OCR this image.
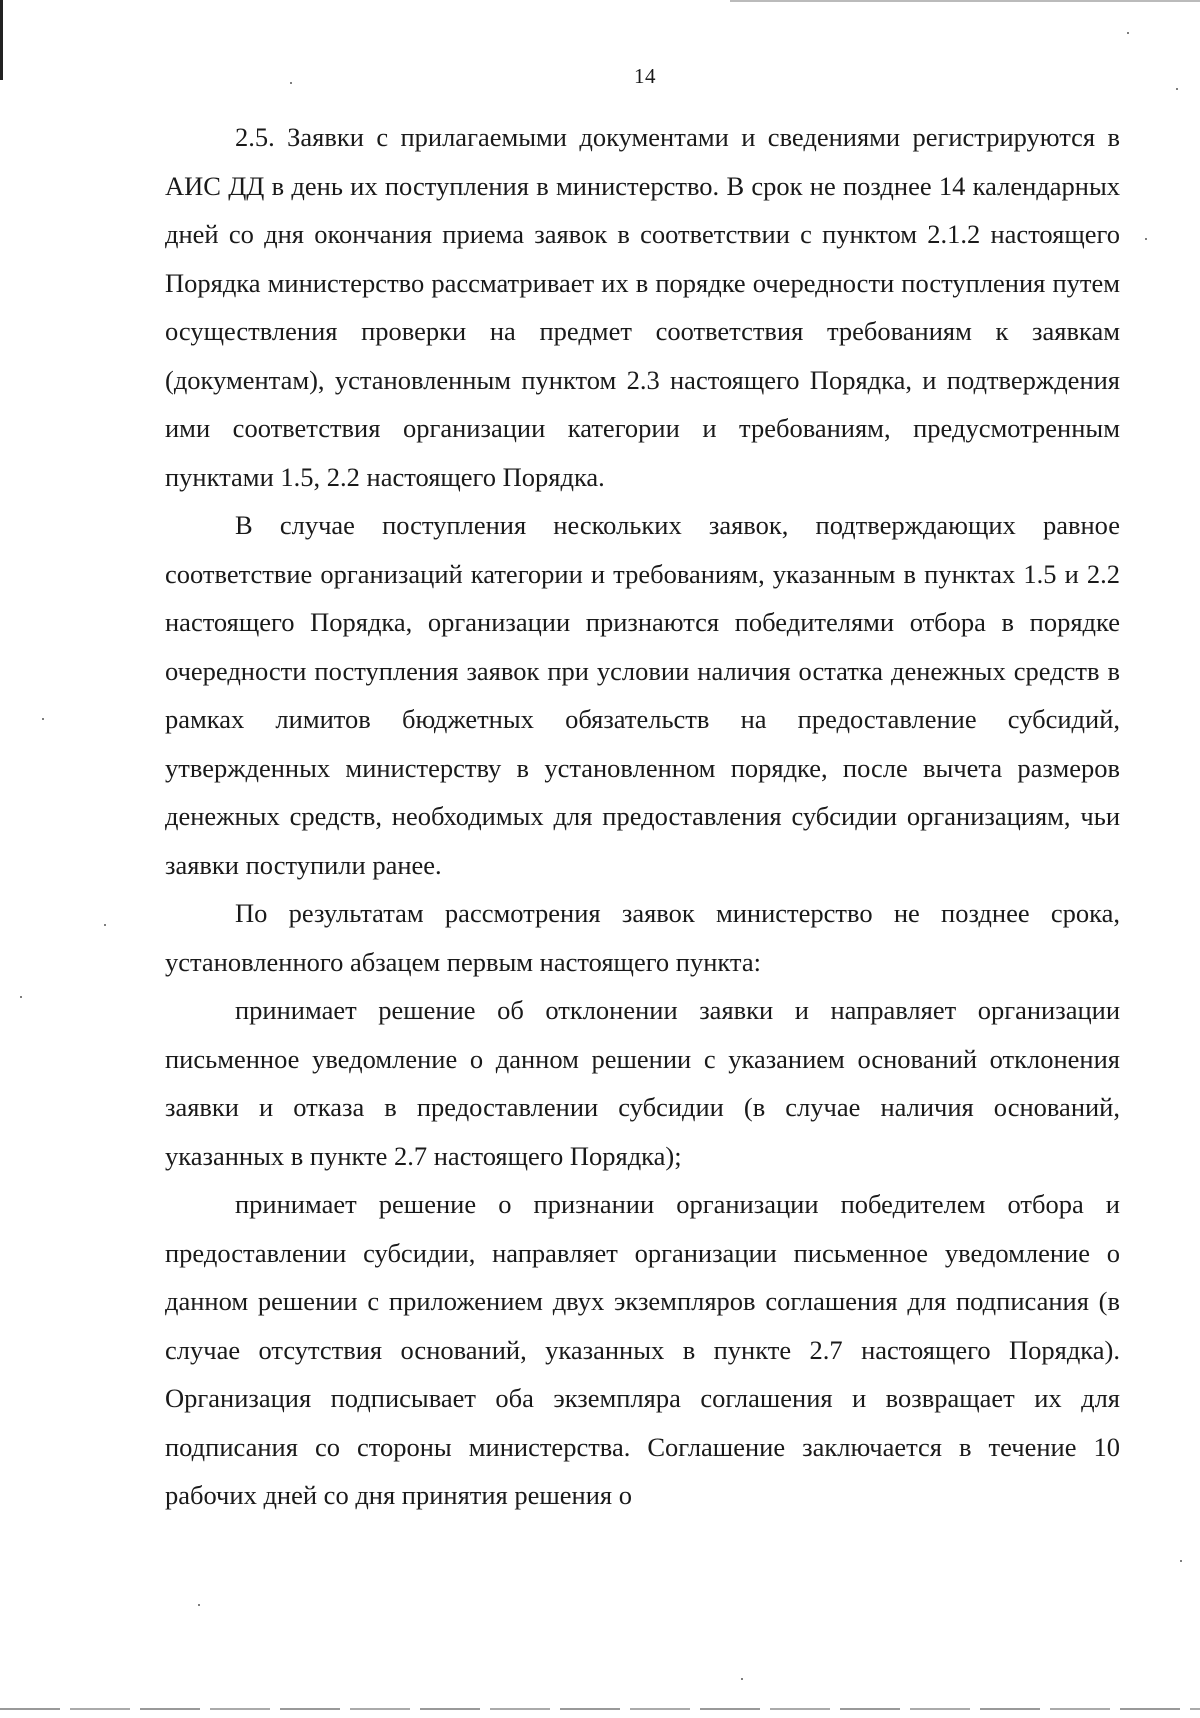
14

2.5. Заявки с прилагаемыми документами и сведениями регистрируются в АИС ДД в день их поступления в министерство. В срок не позднее 14 календарных дней со дня окончания приема заявок в соответствии с пунктом 2.1.2 настоящего Порядка министерство рассматривает их в порядке очередности поступления путем осуществления проверки на предмет соответствия требованиям к заявкам (документам), установленным пунктом 2.3 настоящего Порядка, и подтверждения ими соответствия организации категории и требованиям, предусмотренным пунктами 1.5, 2.2 настоящего Порядка.

В случае поступления нескольких заявок, подтверждающих равное соответствие организаций категории и требованиям, указанным в пунктах 1.5 и 2.2 настоящего Порядка, организации признаются победителями отбора в порядке очередности поступления заявок при условии наличия остатка денежных средств в рамках лимитов бюджетных обязательств на предоставление субсидий, утвержденных министерству в установленном порядке, после вычета размеров денежных средств, необходимых для предоставления субсидии организациям, чьи заявки поступили ранее.

По результатам рассмотрения заявок министерство не позднее срока, установленного абзацем первым настоящего пункта:

принимает решение об отклонении заявки и направляет организации письменное уведомление о данном решении с указанием оснований отклонения заявки и отказа в предоставлении субсидии (в случае наличия оснований, указанных в пункте 2.7 настоящего Порядка);

принимает решение о признании организации победителем отбора и предоставлении субсидии, направляет организации письменное уведомление о данном решении с приложением двух экземпляров соглашения для подписания (в случае отсутствия оснований, указанных в пункте 2.7 настоящего Порядка). Организация подписывает оба экземпляра соглашения и возвращает их для подписания со стороны министерства. Соглашение заключается в течение 10 рабочих дней со дня принятия решения о
